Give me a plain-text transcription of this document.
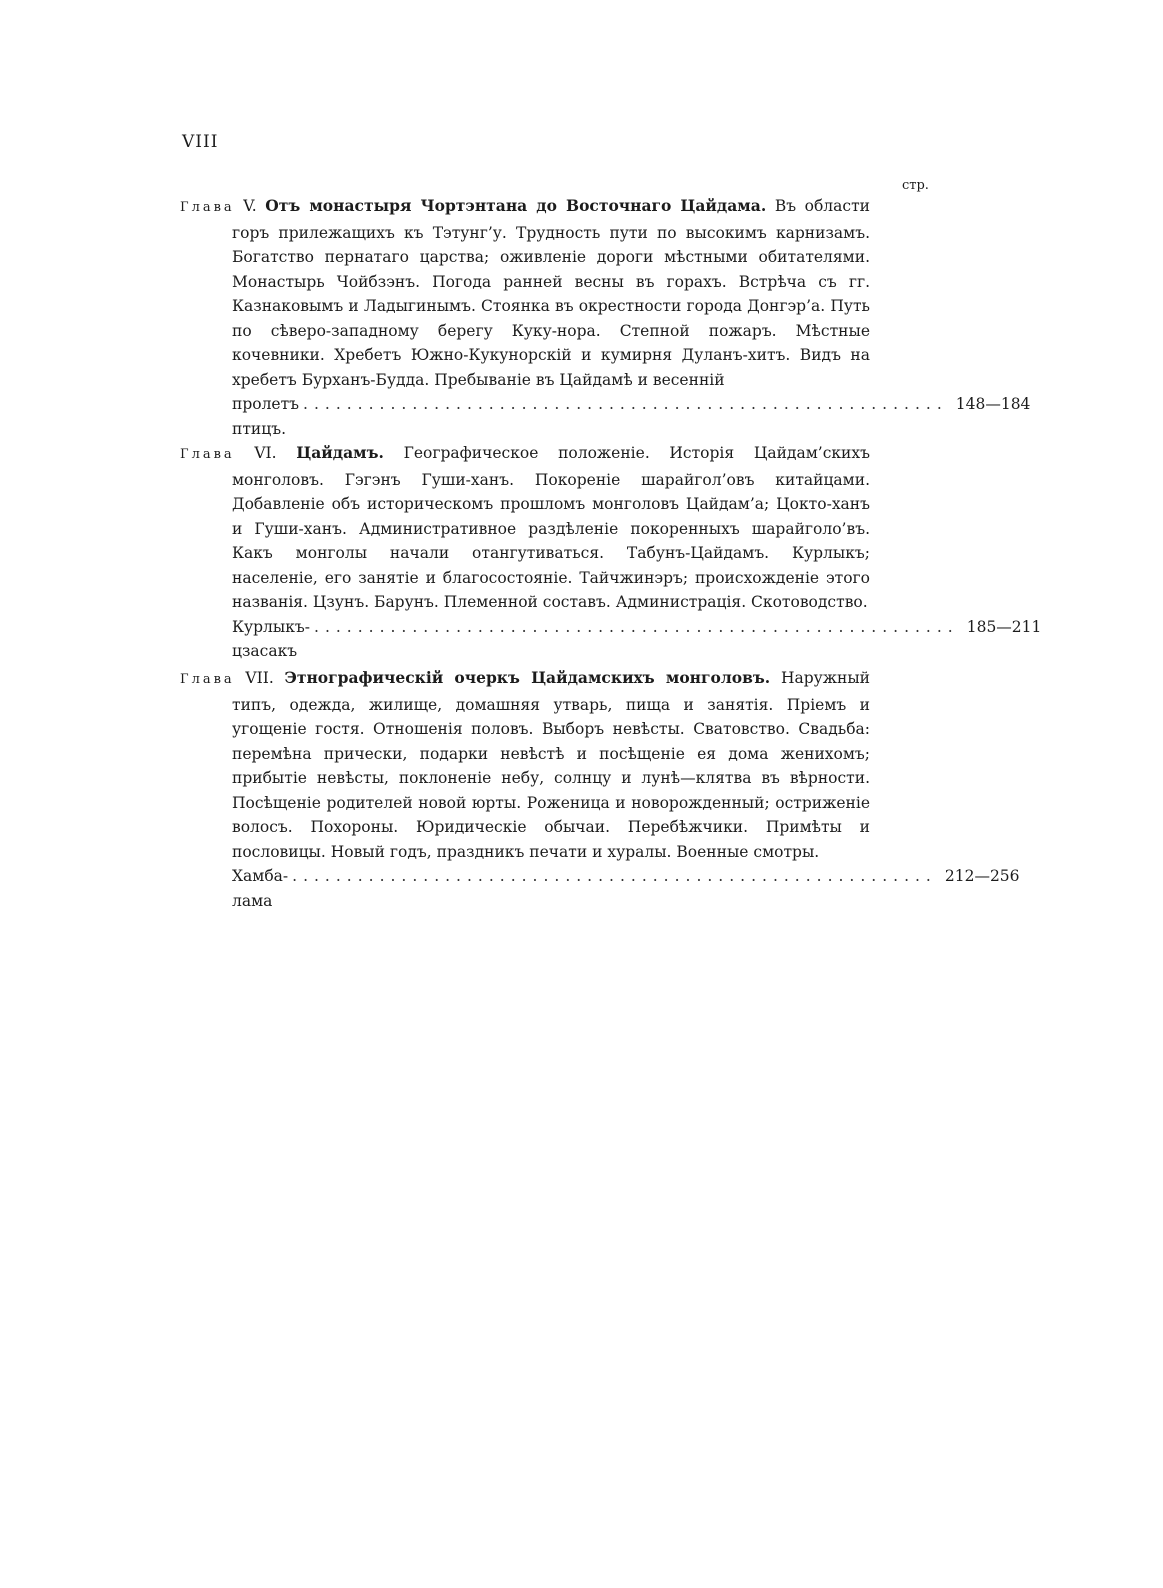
VIII
стр.
Глава V. Отъ монастыря Чортэнтана до Восточнаго Цайдама. Въ области горъ прилежащихъ къ Тэтунг’у. Трудность пути по высокимъ карнизамъ. Богатство пернатаго царства; оживленіе дороги мѣстными обитателями. Монастырь Чойбзэнъ. Погода ранней весны въ горахъ. Встрѣча съ гг. Казнаковымъ и Ладыгинымъ. Стоянка въ окрестности города Донгэр’а. Путь по сѣверо-западному берегу Куку-нора. Степной пожаръ. Мѣстные кочевники. Хребетъ Южно-Кукунорскій и кумирня Дуланъ-хитъ. Видъ на хребетъ Бурханъ-Будда. Пребываніе въ Цайдамѣ и весенній
пролетъ птицъ.
........................................................... 148—184
Глава VI. Цайдамъ. Географическое положеніе. Исторія Цайдам’скихъ монголовъ. Гэгэнъ Гуши-ханъ. Покореніе шарайгол’овъ китайцами. Добавленіе объ историческомъ прошломъ монголовъ Цайдам’а; Цокто-ханъ и Гуши-ханъ. Административное раздѣленіе покоренныхъ шарайголо’въ. Какъ монголы начали отангутиваться. Табунъ-Цайдамъ. Курлыкъ; населеніе, его занятіе и благосостояніе. Тайчжинэръ; происхожденіе этого названія. Цзунъ. Барунъ. Племенной составъ. Администрація. Скотоводство.
Курлыкъ-цзасакъ
........................................................... 185—211
Глава VII. Этнографическій очеркъ Цайдамскихъ монголовъ. Наружный типъ, одежда, жилище, домашняя утварь, пища и занятія. Пріемъ и угощеніе гостя. Отношенія половъ. Выборъ невѣсты. Сватовство. Свадьба: перемѣна прически, подарки невѣстѣ и посѣщеніе ея дома женихомъ; прибытіе невѣсты, поклоненіе небу, солнцу и лунѣ—клятва въ вѣрности. Посѣщеніе родителей новой юрты. Роженица и новорожденный; остриженіе волосъ. Похороны. Юридическіе обычаи. Перебѣжчики. Примѣты и пословицы. Новый годъ, праздникъ печати и хуралы. Военные смотры.
Хамба-лама
........................................................... 212—256
